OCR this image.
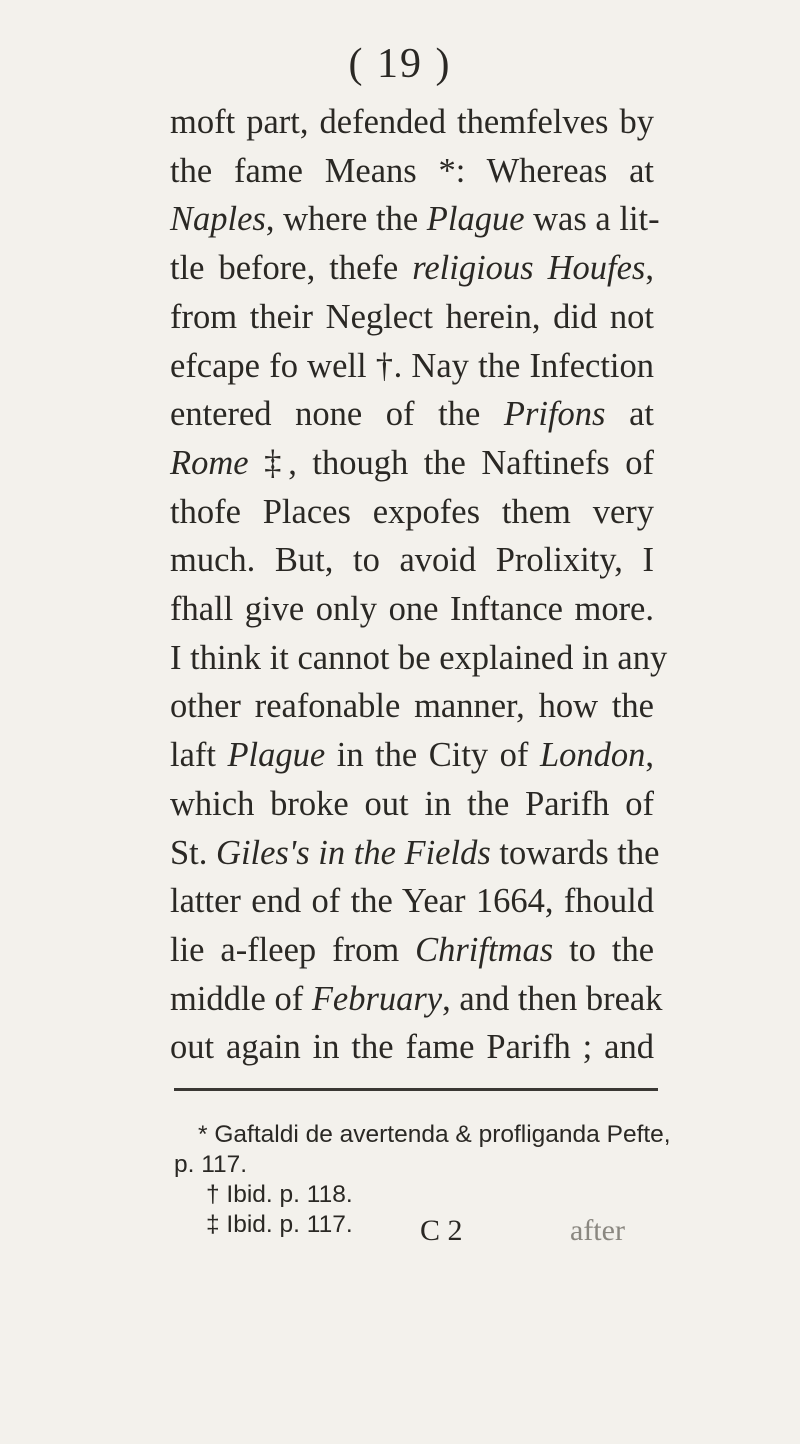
( 19 )
moft part, defended themfelves by
the fame Means *: Whereas at
Naples, where the Plague was a lit-
tle before, thefe religious Houfes,
from their Neglect herein, did not
efcape fo well †. Nay the Infection
entered none of the Prifons at
Rome ‡, though the Naftinefs of
thofe Places expofes them very
much. But, to avoid Prolixity, I
fhall give only one Inftance more.
I think it cannot be explained in any
other reafonable manner, how the
laft Plague in the City of London,
which broke out in the Parifh of
St. Giles's in the Fields towards the
latter end of the Year 1664, fhould
lie a-fleep from Chriftmas to the
middle of February, and then break
out again in the fame Parifh ; and
* Gaftaldi de avertenda & profliganda Pefte,
p. 117.
† Ibid. p. 118.
‡ Ibid. p. 117.	C 2	after
